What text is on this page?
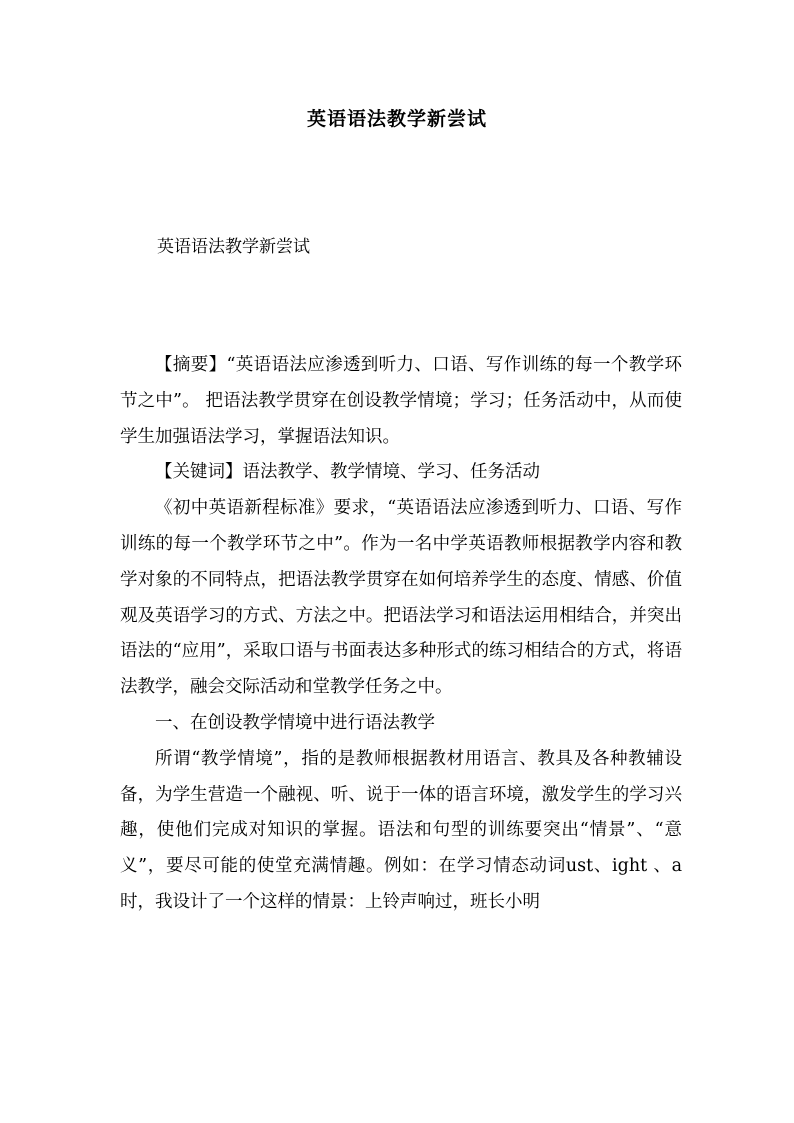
英语语法教学新尝试
英语语法教学新尝试

【摘要】“英语语法应渗透到听力、口语、写作训练的每一个教学环节之中”。 把语法教学贯穿在创设教学情境；学习；任务活动中，从而使学生加强语法学习，掌握语法知识。

【关键词】语法教学、教学情境、学习、任务活动

《初中英语新程标准》要求，“英语语法应渗透到听力、口语、写作训练的每一个教学环节之中”。作为一名中学英语教师根据教学内容和教学对象的不同特点，把语法教学贯穿在如何培养学生的态度、情感、价值观及英语学习的方式、方法之中。把语法学习和语法运用相结合，并突出语法的“应用”，采取口语与书面表达多种形式的练习相结合的方式，将语法教学，融会交际活动和堂教学任务之中。

一、在创设教学情境中进行语法教学

所谓“教学情境”，指的是教师根据教材用语言、教具及各种教辅设备，为学生营造一个融视、听、说于一体的语言环境，激发学生的学习兴趣，使他们完成对知识的掌握。语法和句型的训练要突出“情景”、“意义”，要尽可能的使堂充满情趣。例如：在学习情态动词ust、ight 、a 时，我设计了一个这样的情景：上铃声响过，班长小明
